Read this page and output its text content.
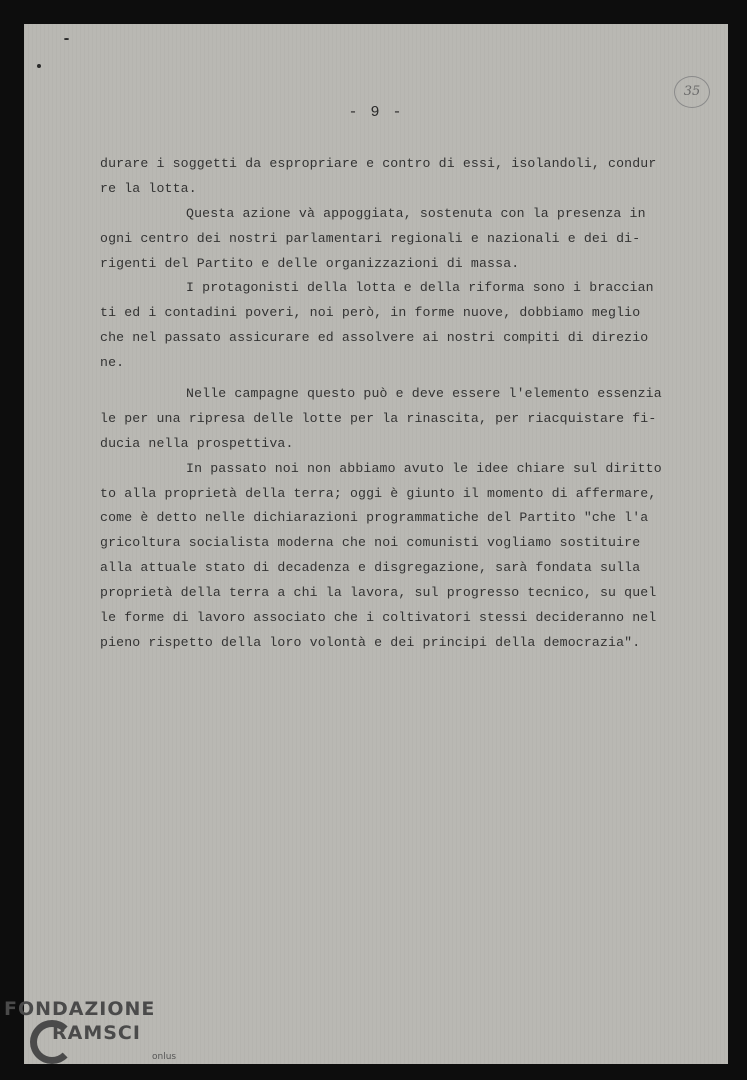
- 9 -
35
durare i soggetti da espropriare e contro di essi, isolandoli, condur
re la lotta.
Questa azione và appoggiata, sostenuta con la presenza in
ogni centro dei nostri parlamentari regionali e nazionali e dei di-
rigenti del Partito e delle organizzazioni di massa.
I protagonisti della lotta e della riforma sono i braccian
ti ed i contadini poveri, noi però, in forme nuove, dobbiamo meglio
che nel passato assicurare ed assolvere ai nostri compiti di direzio
ne.
Nelle campagne questo può e deve essere l'elemento essenzia
le per una ripresa delle lotte per la rinascita, per riacquistare fi-
ducia nella prospettiva.
In passato noi non abbiamo avuto le idee chiare sul diritto
to alla proprietà della terra; oggi è giunto il momento di affermare,
come è detto nelle dichiarazioni programmatiche del Partito "che l'a
gricoltura socialista moderna che noi comunisti vogliamo sostituire
alla attuale stato di decadenza e disgregazione, sarà fondata sulla
proprietà della terra a chi la lavora, sul progresso tecnico, su quel
le forme di lavoro associato che i coltivatori stessi decideranno nel
pieno rispetto della loro volontà e dei principi della democrazia".
FONDAZIONE
RAMSCI
onlus
